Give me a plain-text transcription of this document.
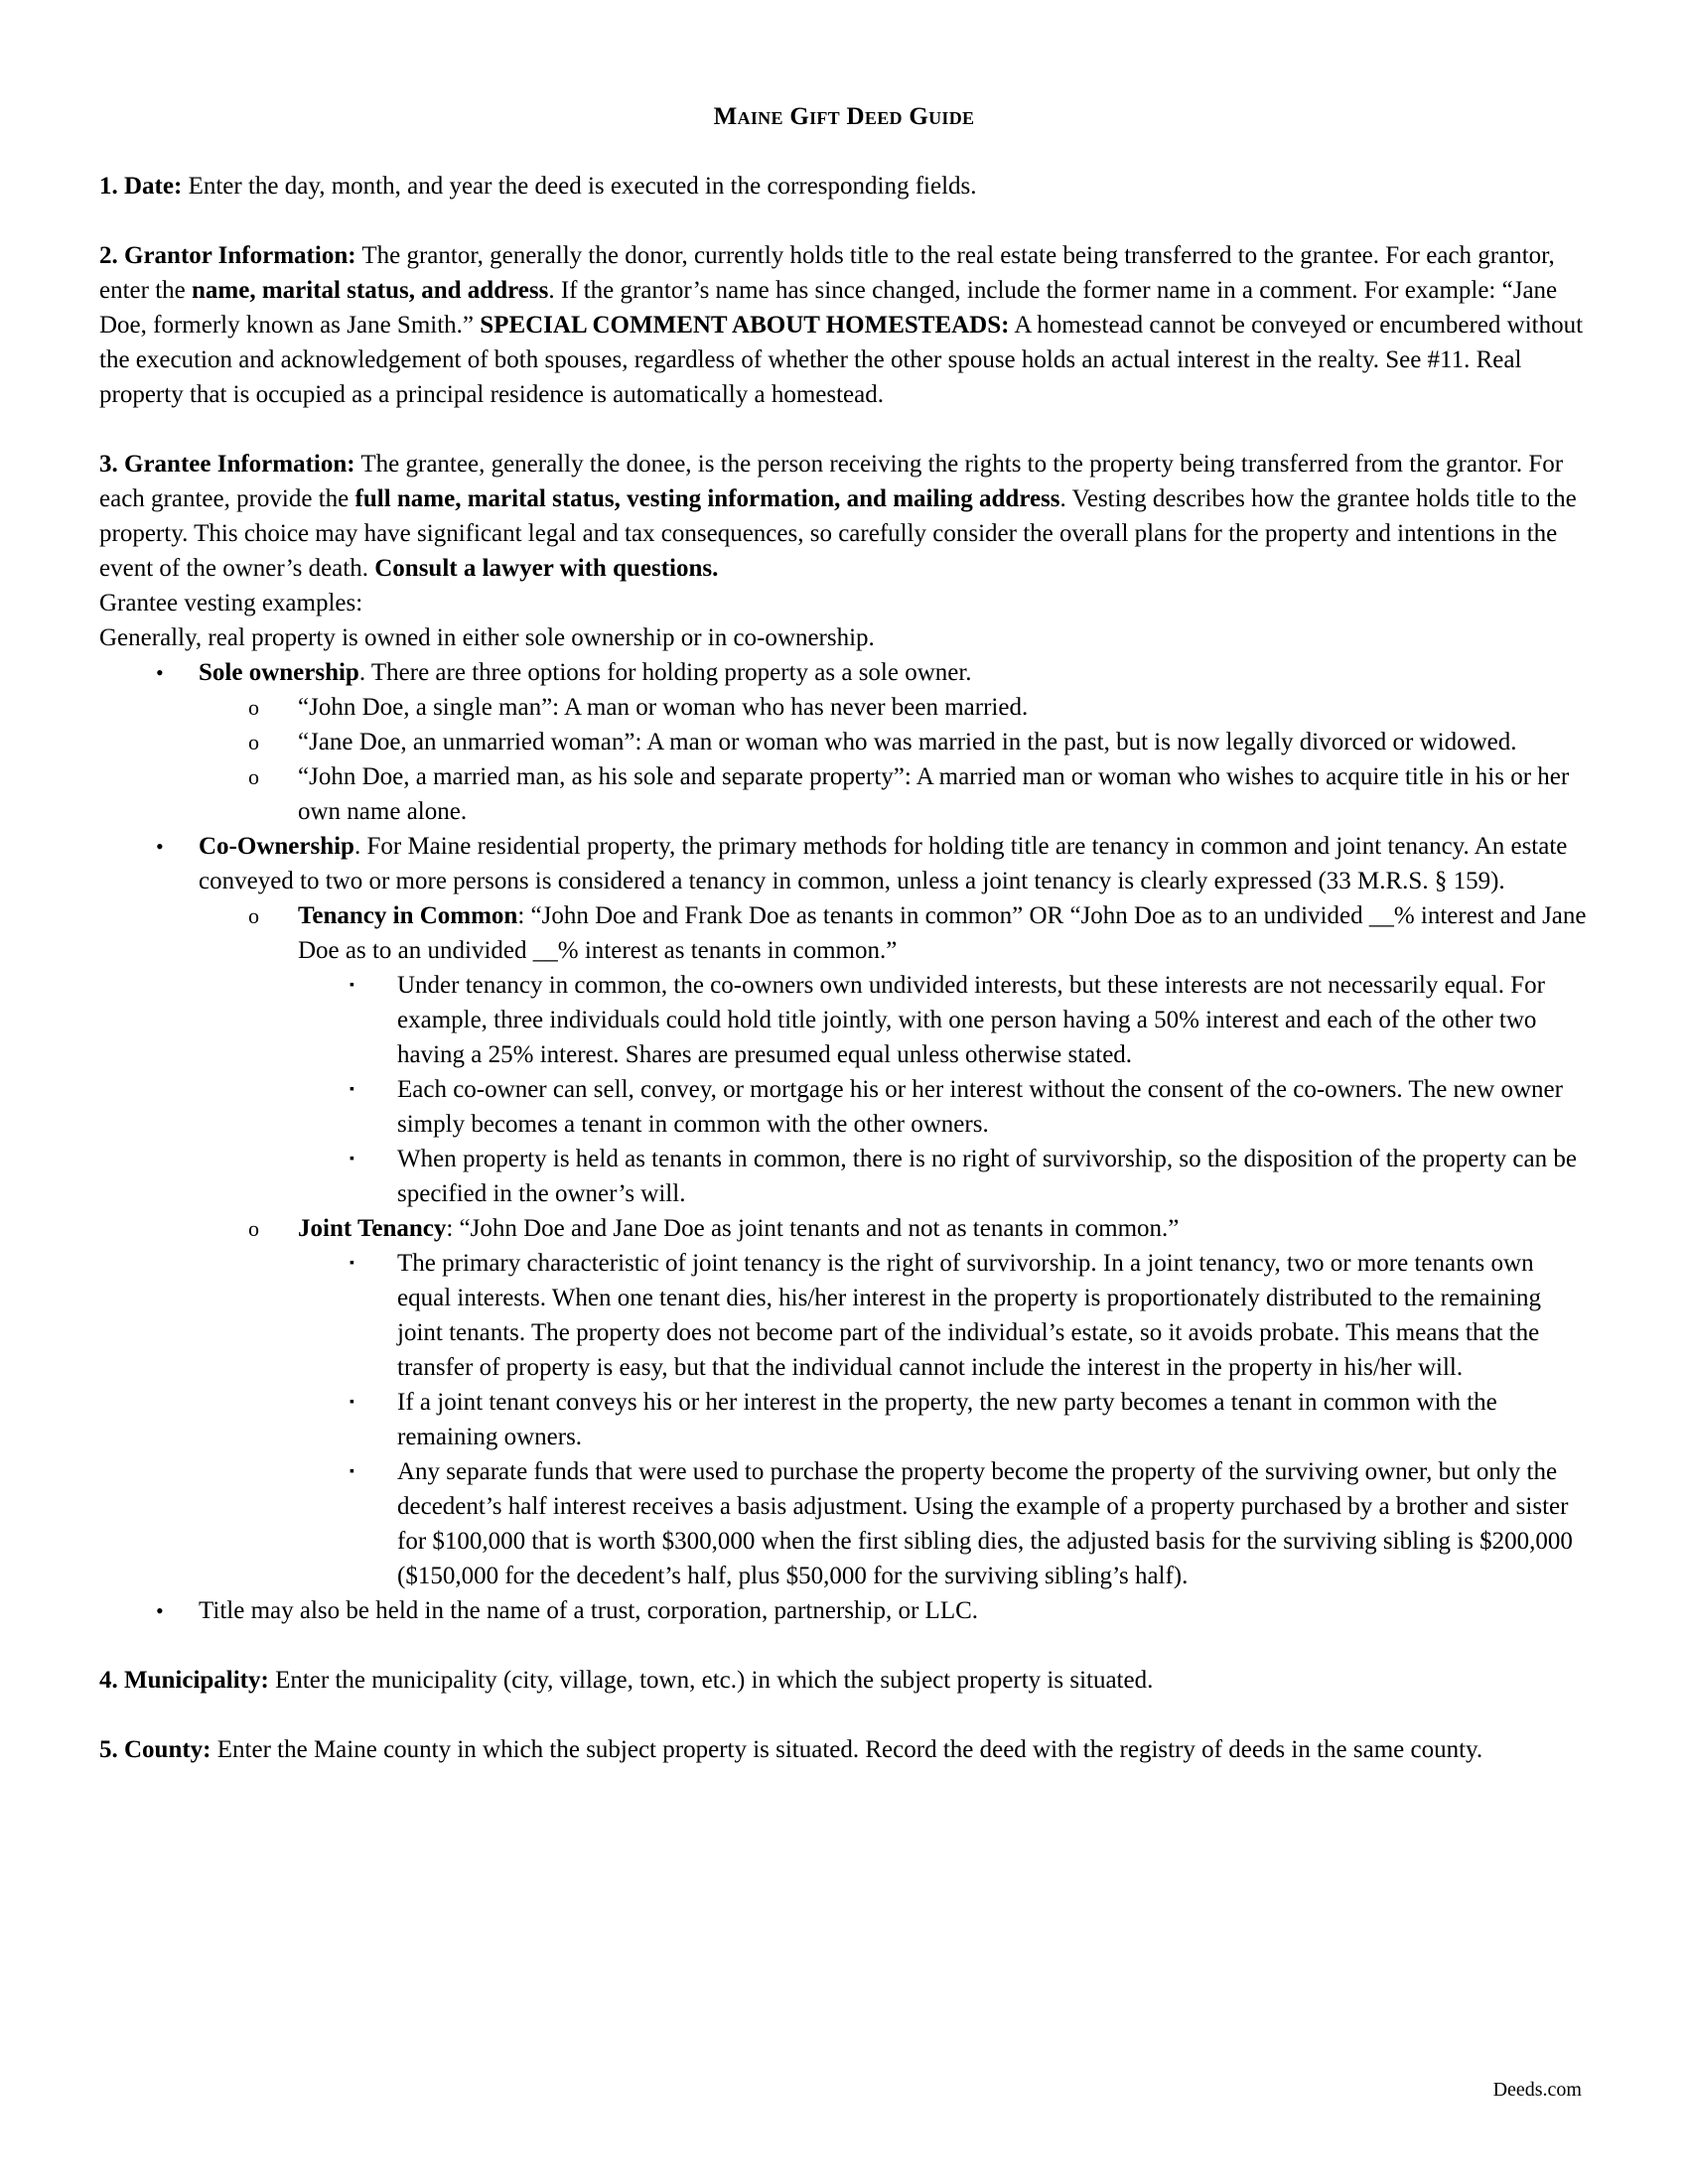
Maine Gift Deed Guide

1. Date: Enter the day, month, and year the deed is executed in the corresponding fields.

2. Grantor Information: The grantor, generally the donor, currently holds title to the real estate being transferred to the grantee. For each grantor, enter the name, marital status, and address. If the grantor’s name has since changed, include the former name in a comment. For example: “Jane Doe, formerly known as Jane Smith.” SPECIAL COMMENT ABOUT HOMESTEADS: A homestead cannot be conveyed or encumbered without the execution and acknowledgement of both spouses, regardless of whether the other spouse holds an actual interest in the realty. See #11. Real property that is occupied as a principal residence is automatically a homestead.

3. Grantee Information: The grantee, generally the donee, is the person receiving the rights to the property being transferred from the grantor. For each grantee, provide the full name, marital status, vesting information, and mailing address. Vesting describes how the grantee holds title to the property. This choice may have significant legal and tax consequences, so carefully consider the overall plans for the property and intentions in the event of the owner’s death. Consult a lawyer with questions.

Grantee vesting examples:

Generally, real property is owned in either sole ownership or in co-ownership.

• Sole ownership. There are three options for holding property as a sole owner.
o “John Doe, a single man”: A man or woman who has never been married.
o “Jane Doe, an unmarried woman”: A man or woman who was married in the past, but is now legally divorced or widowed.
o “John Doe, a married man, as his sole and separate property”: A married man or woman who wishes to acquire title in his or her own name alone.
• Co-Ownership. For Maine residential property, the primary methods for holding title are tenancy in common and joint tenancy. An estate conveyed to two or more persons is considered a tenancy in common, unless a joint tenancy is clearly expressed (33 M.R.S. § 159).
o Tenancy in Common: “John Doe and Frank Doe as tenants in common” OR “John Doe as to an undivided __% interest and Jane Doe as to an undivided __% interest as tenants in common.”
▪ Under tenancy in common, the co-owners own undivided interests, but these interests are not necessarily equal. For example, three individuals could hold title jointly, with one person having a 50% interest and each of the other two having a 25% interest. Shares are presumed equal unless otherwise stated.
▪ Each co-owner can sell, convey, or mortgage his or her interest without the consent of the co-owners. The new owner simply becomes a tenant in common with the other owners.
▪ When property is held as tenants in common, there is no right of survivorship, so the disposition of the property can be specified in the owner’s will.
o Joint Tenancy: “John Doe and Jane Doe as joint tenants and not as tenants in common.”
▪ The primary characteristic of joint tenancy is the right of survivorship. In a joint tenancy, two or more tenants own equal interests. When one tenant dies, his/her interest in the property is proportionately distributed to the remaining joint tenants. The property does not become part of the individual’s estate, so it avoids probate. This means that the transfer of property is easy, but that the individual cannot include the interest in the property in his/her will.
▪ If a joint tenant conveys his or her interest in the property, the new party becomes a tenant in common with the remaining owners.
▪ Any separate funds that were used to purchase the property become the property of the surviving owner, but only the decedent’s half interest receives a basis adjustment. Using the example of a property purchased by a brother and sister for $100,000 that is worth $300,000 when the first sibling dies, the adjusted basis for the surviving sibling is $200,000 ($150,000 for the decedent’s half, plus $50,000 for the surviving sibling’s half).
• Title may also be held in the name of a trust, corporation, partnership, or LLC.

4. Municipality: Enter the municipality (city, village, town, etc.) in which the subject property is situated.

5. County: Enter the Maine county in which the subject property is situated. Record the deed with the registry of deeds in the same county.

Deeds.com
